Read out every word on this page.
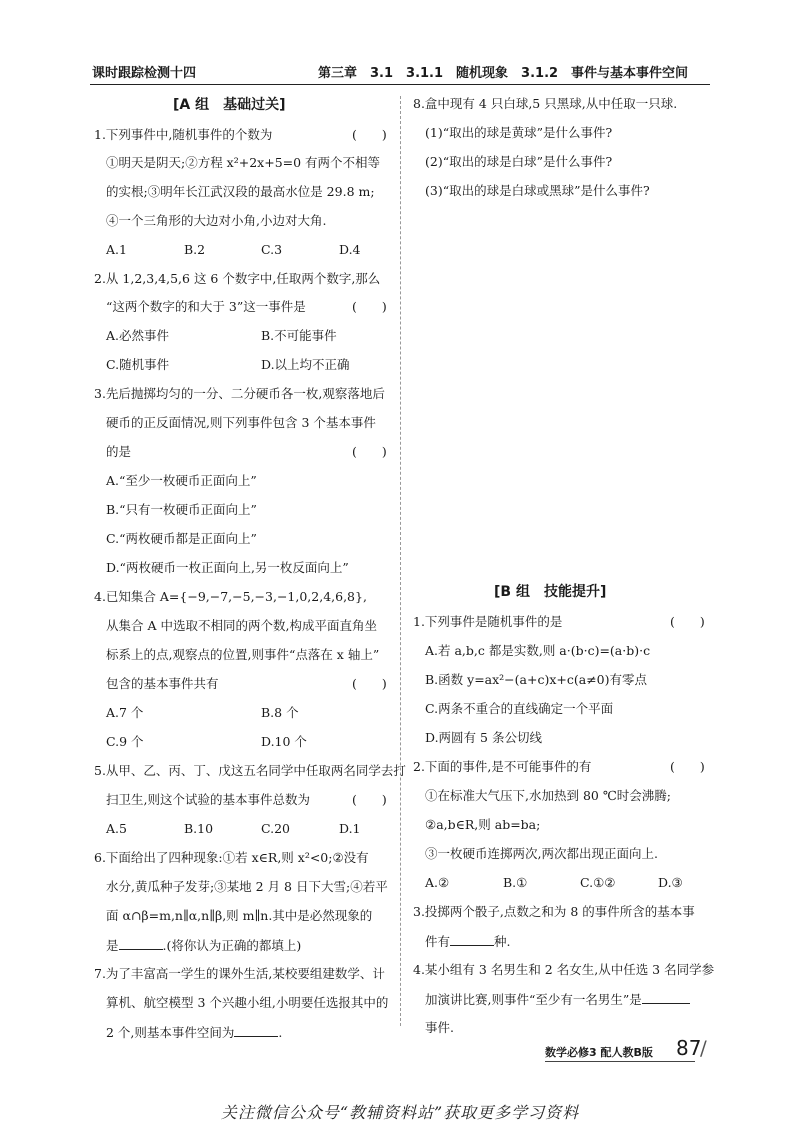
课时跟踪检测十四	第三章　3.1　3.1.1　随机现象　3.1.2　事件与基本事件空间
[A 组　基础过关]
1.下列事件中,随机事件的个数为	(　　)
①明天是阴天;②方程 x²+2x+5=0 有两个不相等
的实根;③明年长江武汉段的最高水位是 29.8 m;
④一个三角形的大边对小角,小边对大角.
A.1	B.2	C.3	D.4
2.从 1,2,3,4,5,6 这 6 个数字中,任取两个数字,那么
“这两个数字的和大于 3”这一事件是	(　　)
A.必然事件	B.不可能事件
C.随机事件	D.以上均不正确
3.先后抛掷均匀的一分、二分硬币各一枚,观察落地后
硬币的正反面情况,则下列事件包含 3 个基本事件
的是	(　　)
A.“至少一枚硬币正面向上”
B.“只有一枚硬币正面向上”
C.“两枚硬币都是正面向上”
D.“两枚硬币一枚正面向上,另一枚反面向上”
4.已知集合 A={−9,−7,−5,−3,−1,0,2,4,6,8},
从集合 A 中选取不相同的两个数,构成平面直角坐
标系上的点,观察点的位置,则事件“点落在 x 轴上”
包含的基本事件共有	(　　)
A.7 个	B.8 个
C.9 个	D.10 个
5.从甲、乙、丙、丁、戊这五名同学中任取两名同学去打
扫卫生,则这个试验的基本事件总数为	(　　)
A.5	B.10	C.20	D.1
6.下面给出了四种现象:①若 x∈R,则 x²<0;②没有
水分,黄瓜种子发芽;③某地 2 月 8 日下大雪;④若平
面 α∩β=m,n∥α,n∥β,则 m∥n.其中是必然现象的
是	.(将你认为正确的都填上)
7.为了丰富高一学生的课外生活,某校要组建数学、计
算机、航空模型 3 个兴趣小组,小明要任选报其中的
2 个,则基本事件空间为	.
8.盒中现有 4 只白球,5 只黑球,从中任取一只球.
(1)“取出的球是黄球”是什么事件?
(2)“取出的球是白球”是什么事件?
(3)“取出的球是白球或黑球”是什么事件?
[B 组　技能提升]
1.下列事件是随机事件的是	(　　)
A.若 a,b,c 都是实数,则 a·(b·c)=(a·b)·c
B.函数 y=ax²−(a+c)x+c(a≠0)有零点
C.两条不重合的直线确定一个平面
D.两圆有 5 条公切线
2.下面的事件,是不可能事件的有	(　　)
①在标准大气压下,水加热到 80 ℃时会沸腾;
②a,b∈R,则 ab=ba;
③一枚硬币连掷两次,两次都出现正面向上.
A.②	B.①	C.①②	D.③
3.投掷两个骰子,点数之和为 8 的事件所含的基本事
件有	种.
4.某小组有 3 名男生和 2 名女生,从中任选 3 名同学参
加演讲比赛,则事件“至少有一名男生”是
事件.
数学必修3 配人教B版 87
/
关注微信公众号“教辅资料站”获取更多学习资料
